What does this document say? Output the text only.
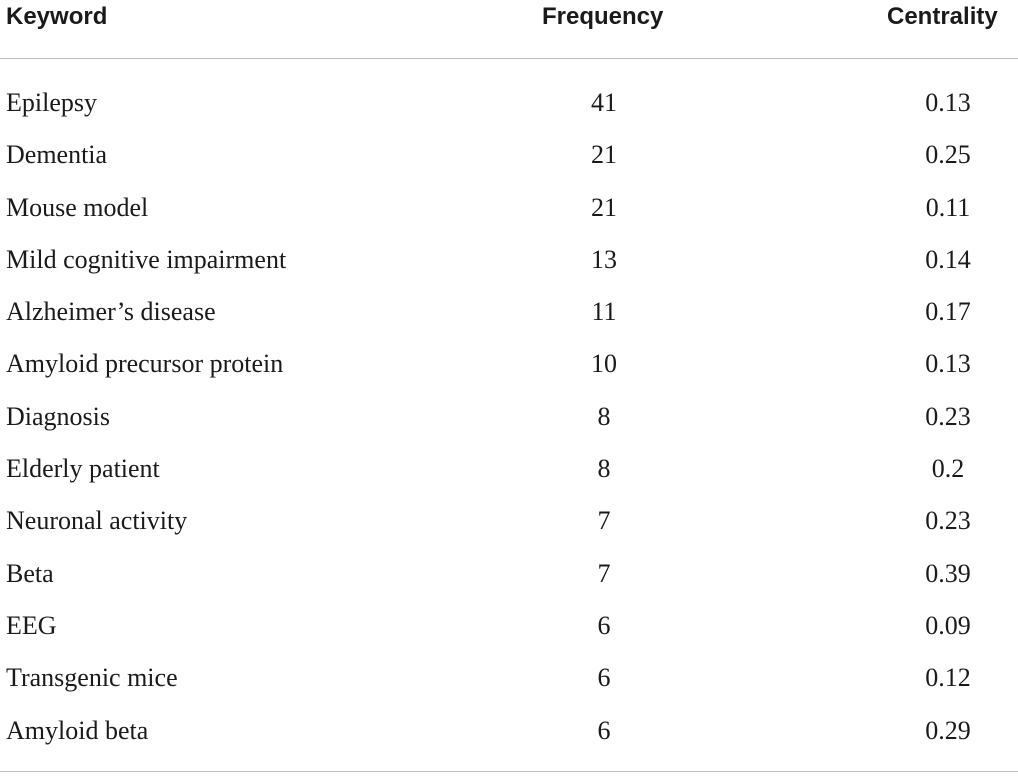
Keyword	Frequency	Centrality
Epilepsy	41	0.13
Dementia	21	0.25
Mouse model	21	0.11
Mild cognitive impairment	13	0.14
Alzheimer’s disease	11	0.17
Amyloid precursor protein	10	0.13
Diagnosis	8	0.23
Elderly patient	8	0.2
Neuronal activity	7	0.23
Beta	7	0.39
EEG	6	0.09
Transgenic mice	6	0.12
Amyloid beta	6	0.29
